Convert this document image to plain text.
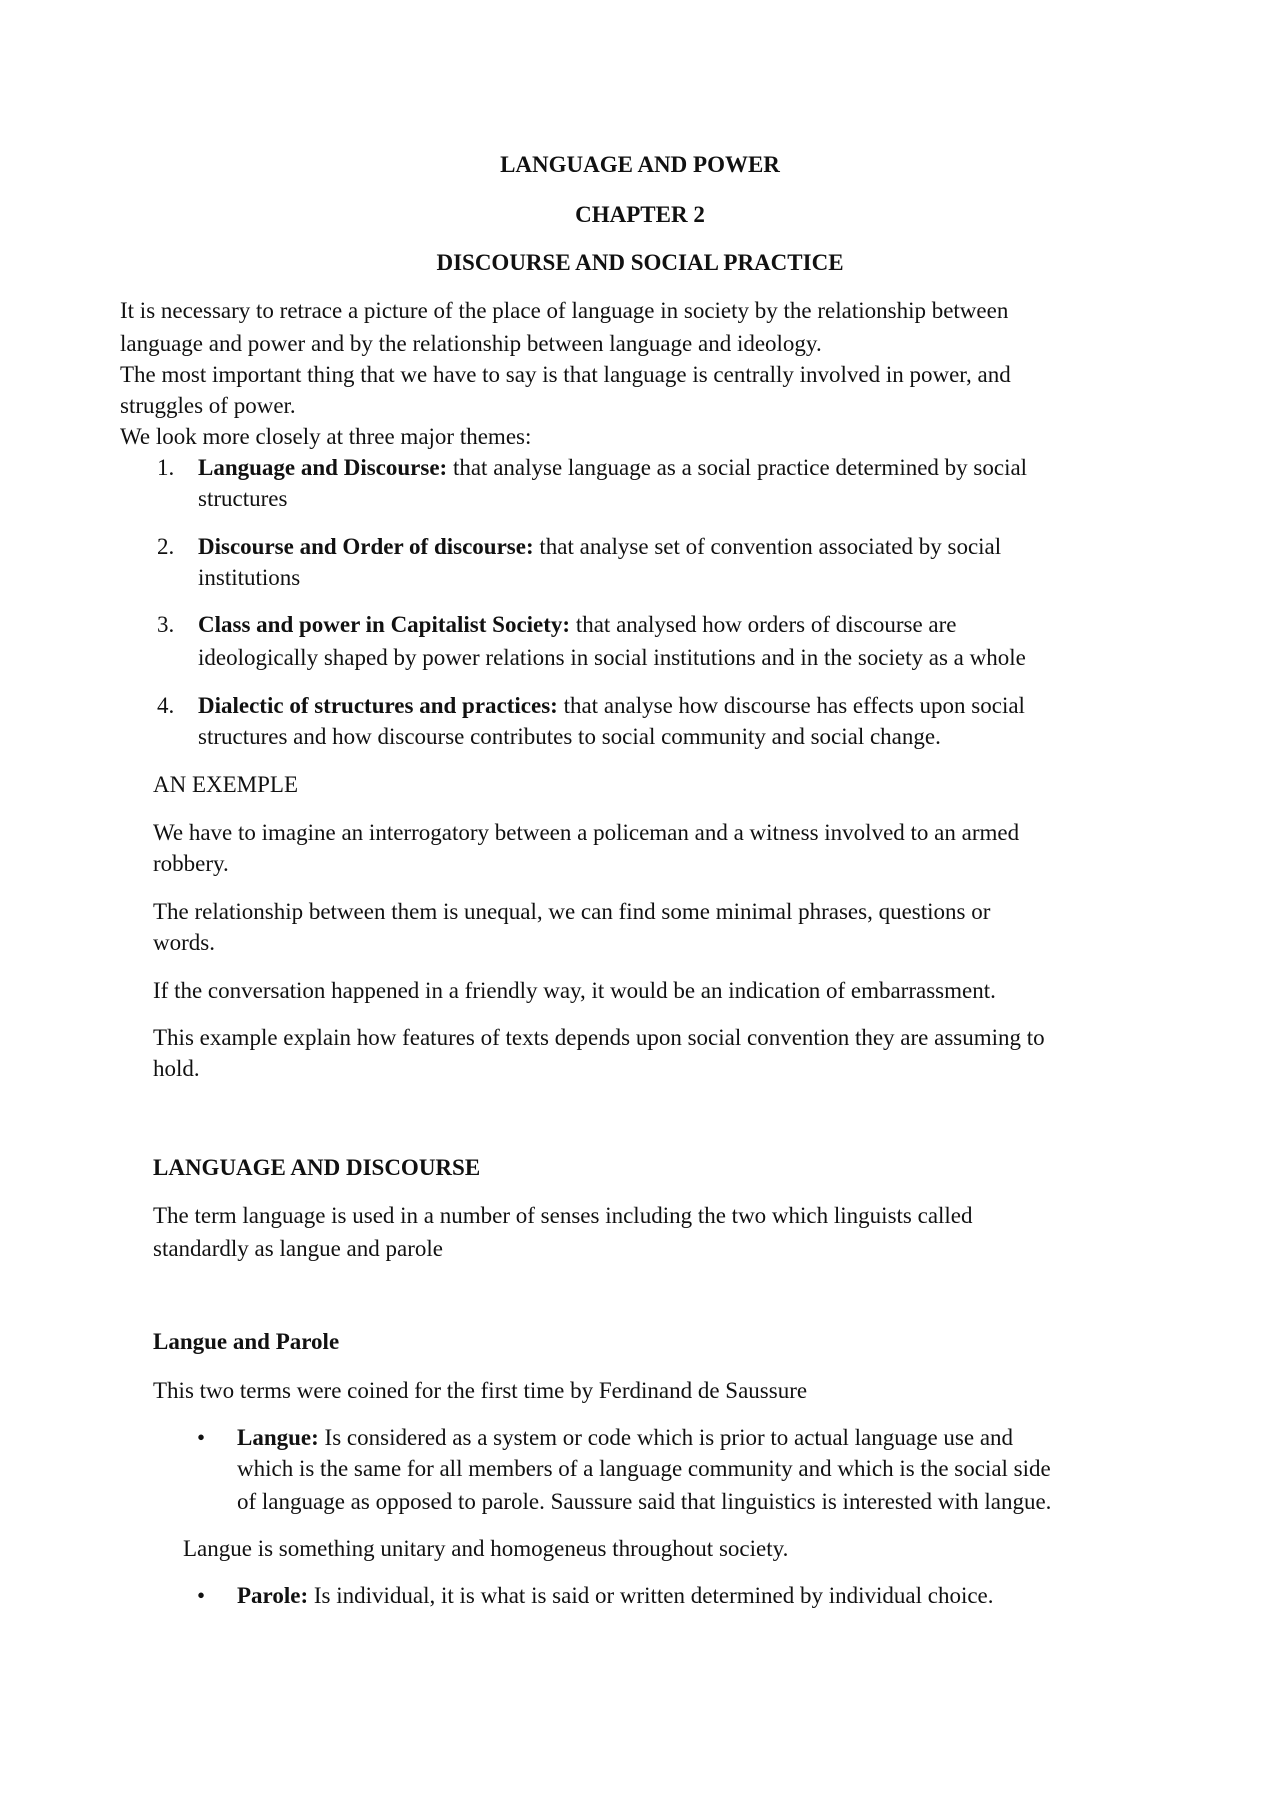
LANGUAGE AND POWER
CHAPTER 2
DISCOURSE AND SOCIAL PRACTICE
It is necessary to retrace a picture of the place of language in society by the relationship between
language and power and by the relationship between language and ideology.
The most important thing that we have to say is that language is centrally involved in power, and
struggles of power.
We look more closely at three major themes:
1. Language and Discourse: that analyse language as a social practice determined by social
structures
2. Discourse and Order of discourse: that analyse set of convention associated by social
institutions
3. Class and power in Capitalist Society: that analysed how orders of discourse are
ideologically shaped by power relations in social institutions and in the society as a whole
4. Dialectic of structures and practices: that analyse how discourse has effects upon social
structures and how discourse contributes to social community and social change.
AN EXEMPLE
We have to imagine an interrogatory between a policeman and a witness involved to an armed
robbery.
The relationship between them is unequal, we can find some minimal phrases, questions or
words.
If the conversation happened in a friendly way, it would be an indication of embarrassment.
This example explain how features of texts depends upon social convention they are assuming to
hold.
LANGUAGE AND DISCOURSE
The term language is used in a number of senses including the two which linguists called
standardly as langue and parole
Langue and Parole
This two terms were coined for the first time by Ferdinand de Saussure
• Langue: Is considered as a system or code which is prior to actual language use and
which is the same for all members of a language community and which is the social side
of language as opposed to parole. Saussure said that linguistics is interested with langue.
Langue is something unitary and homogeneus throughout society.
• Parole: Is individual, it is what is said or written determined by individual choice.
